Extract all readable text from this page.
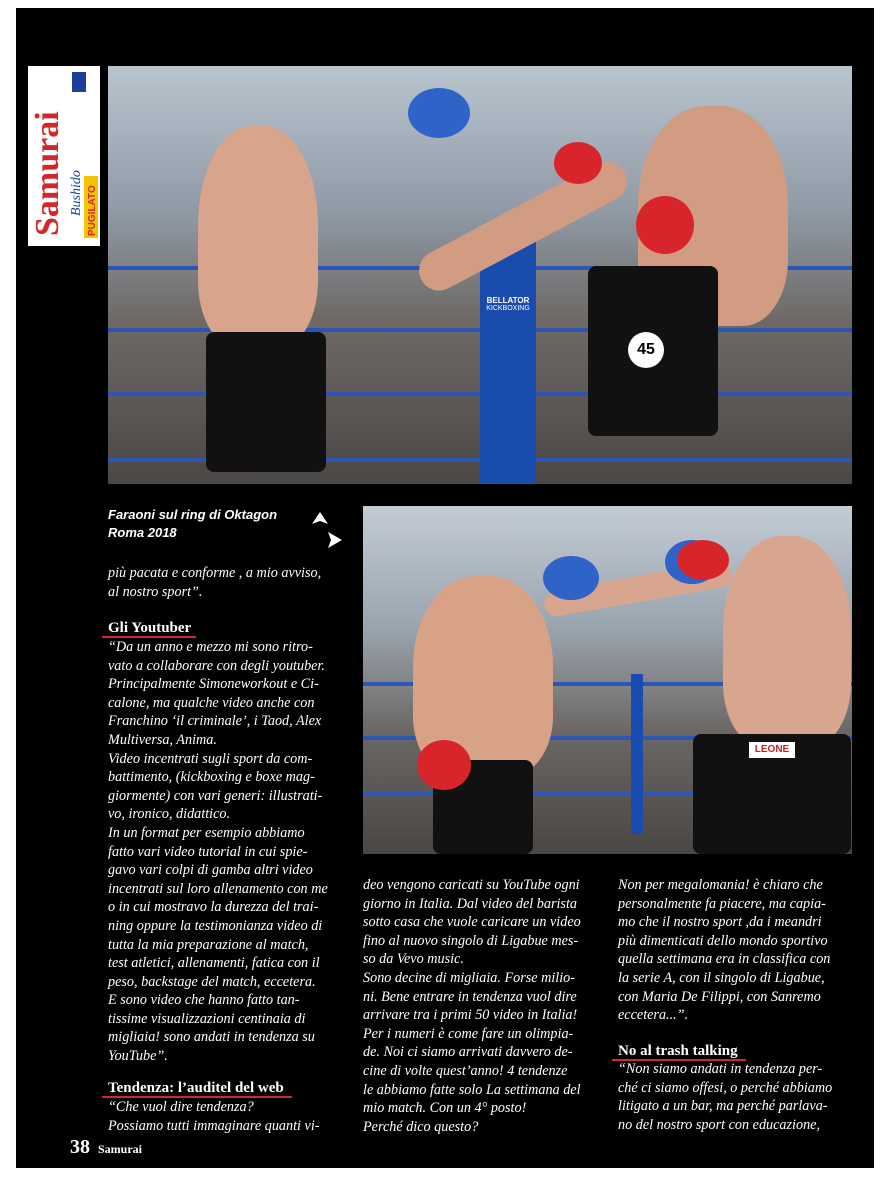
Samurai Bushido PUGILATO
BELLATOR
KICKBOXING
45
Faraoni sul ring di Oktagon
Roma 2018
LEONE
più pacata e conforme , a mio avviso,
al nostro sport”.
Gli Youtuber
“Da un anno e mezzo mi sono ritro-
vato a collaborare con degli youtuber.
Principalmente Simoneworkout e Ci-
calone, ma qualche video anche con
Franchino ‘il criminale’, i Taod, Alex
Multiversa, Anima.
Video incentrati sugli sport da com-
battimento, (kickboxing e boxe mag-
giormente) con vari generi: illustrati-
vo, ironico, didattico.
In un format per esempio abbiamo
fatto vari video tutorial in cui spie-
gavo vari colpi di gamba altri video
incentrati sul loro allenamento con me
o in cui mostravo la durezza del trai-
ning oppure la testimonianza video di
tutta la mia preparazione al match,
test atletici, allenamenti, fatica con il
peso, backstage del match, eccetera.
E sono video che hanno fatto tan-
tissime visualizzazioni centinaia di
migliaia! sono andati in tendenza su
YouTube”.
Tendenza: l’auditel del web
“Che vuol dire tendenza?
Possiamo tutti immaginare quanti vi-
deo vengono caricati su YouTube ogni
giorno in Italia. Dal video del barista
sotto casa che vuole caricare un video
fino al nuovo singolo di Ligabue mes-
so da Vevo music.
Sono decine di migliaia. Forse milio-
ni. Bene entrare in tendenza vuol dire
arrivare tra i primi 50 video in Italia!
Per i numeri è come fare un olimpia-
de. Noi ci siamo arrivati davvero de-
cine di volte quest’anno! 4 tendenze
le abbiamo fatte solo La settimana del
mio match. Con un 4° posto!
Perché dico questo?
Non per megalomania! è chiaro che
personalmente fa piacere, ma capia-
mo che il nostro sport ,da i meandri
più dimenticati dello mondo sportivo
quella settimana era in classifica con
la serie A, con il singolo di Ligabue,
con Maria De Filippi, con Sanremo
eccetera...”.
No al trash talking
“Non siamo andati in tendenza per-
ché ci siamo offesi, o perché abbiamo
litigato a un bar, ma perché parlava-
no del nostro sport con educazione,
38 Samurai
